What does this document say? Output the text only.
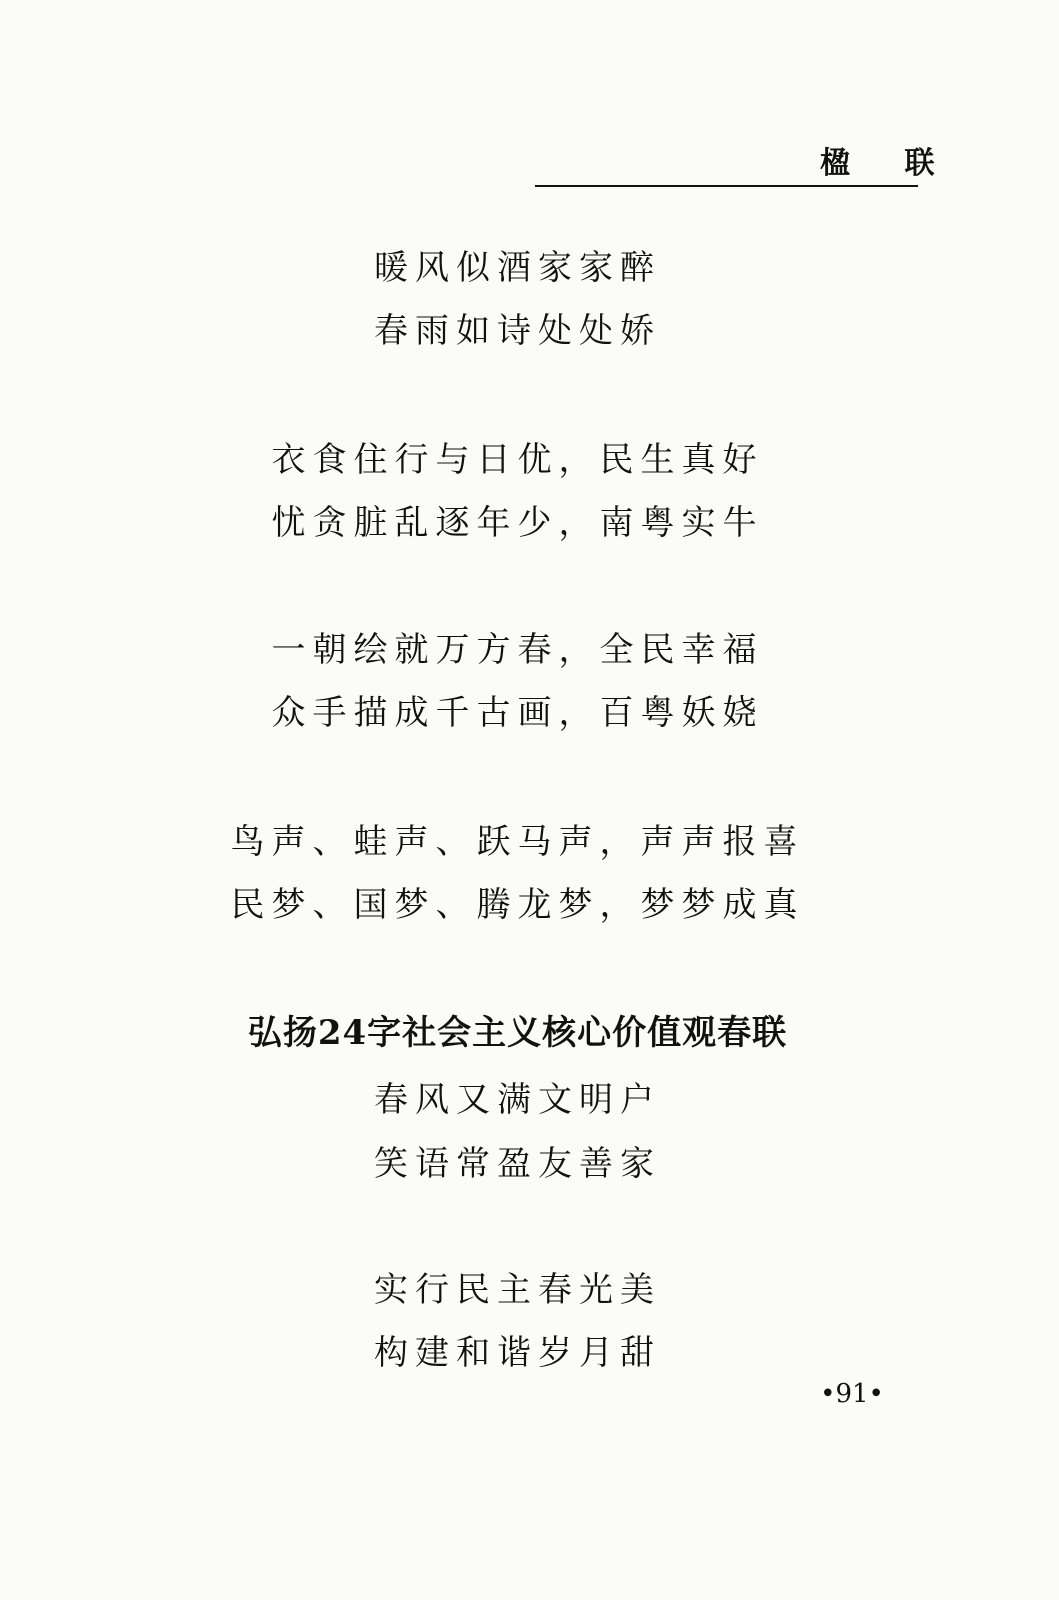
楹 联
暖风似酒家家醉
春雨如诗处处娇
衣食住行与日优，民生真好
忧贪脏乱逐年少，南粤实牛
一朝绘就万方春，全民幸福
众手描成千古画，百粤妖娆
鸟声、蛙声、跃马声，声声报喜
民梦、国梦、腾龙梦，梦梦成真
弘扬24字社会主义核心价值观春联
春风又满文明户
笑语常盈友善家
实行民主春光美
构建和谐岁月甜
•91•
